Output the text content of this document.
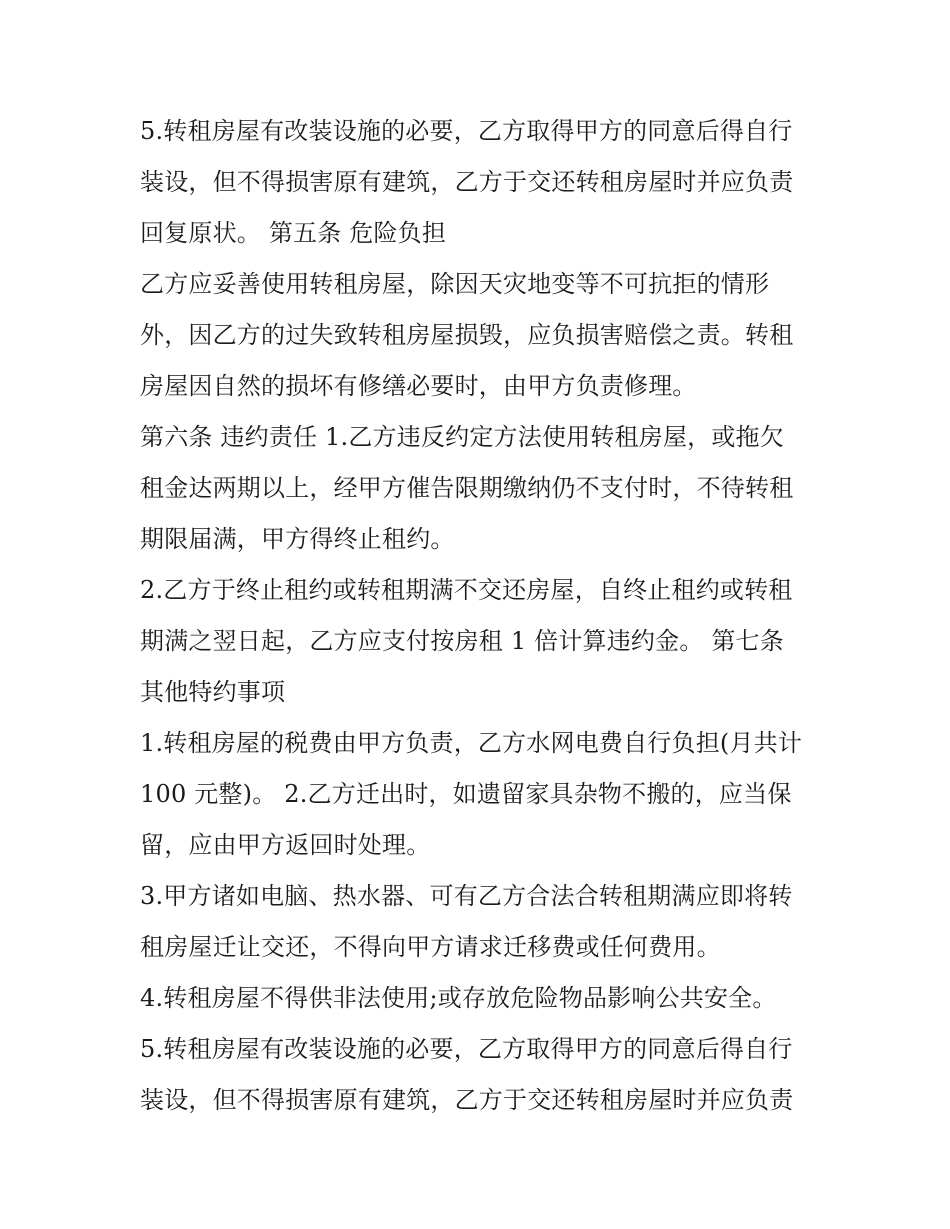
5.转租房屋有改装设施的必要，乙方取得甲方的同意后得自行
装设，但不得损害原有建筑，乙方于交还转租房屋时并应负责
回复原状。 第五条 危险负担
乙方应妥善使用转租房屋，除因天灾地变等不可抗拒的情形
外，因乙方的过失致转租房屋损毁，应负损害赔偿之责。转租
房屋因自然的损坏有修缮必要时，由甲方负责修理。
第六条 违约责任 1.乙方违反约定方法使用转租房屋，或拖欠
租金达两期以上，经甲方催告限期缴纳仍不支付时，不待转租
期限届满，甲方得终止租约。
2.乙方于终止租约或转租期满不交还房屋，自终止租约或转租
期满之翌日起，乙方应支付按房租 1 倍计算违约金。 第七条
其他特约事项
1.转租房屋的税费由甲方负责，乙方水网电费自行负担(月共计
100 元整)。 2.乙方迁出时，如遗留家具杂物不搬的，应当保
留，应由甲方返回时处理。
3.甲方诸如电脑、热水器、可有乙方合法合转租期满应即将转
租房屋迁让交还，不得向甲方请求迁移费或任何费用。
4.转租房屋不得供非法使用;或存放危险物品影响公共安全。
5.转租房屋有改装设施的必要，乙方取得甲方的同意后得自行
装设，但不得损害原有建筑，乙方于交还转租房屋时并应负责
